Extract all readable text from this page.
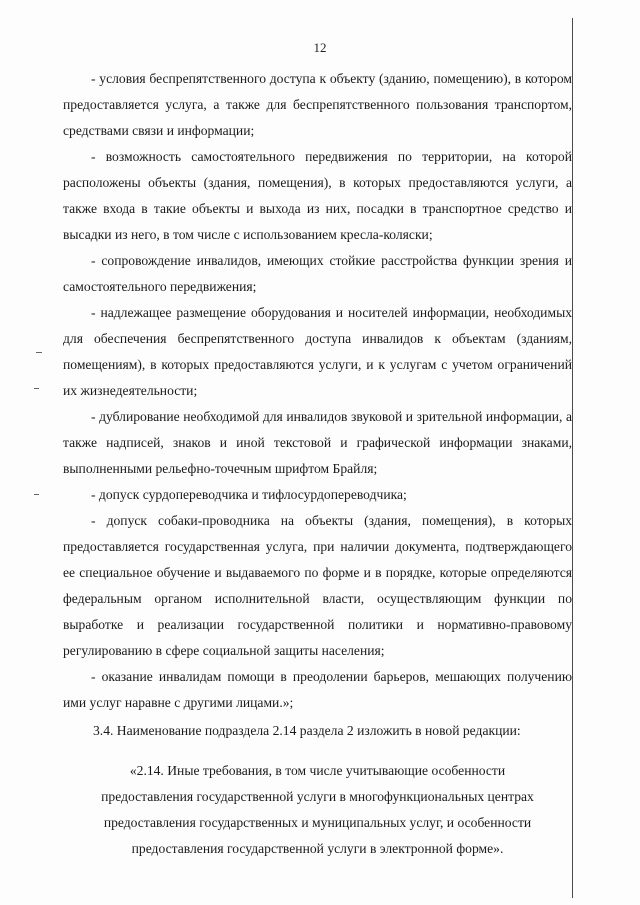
12

- условия беспрепятственного доступа к объекту (зданию, помещению), в котором предоставляется услуга, а также для беспрепятственного пользования транспортом, средствами связи и информации;

- возможность самостоятельного передвижения по территории, на которой расположены объекты (здания, помещения), в которых предоставляются услуги, а также входа в такие объекты и выхода из них, посадки в транспортное средство и высадки из него, в том числе с использованием кресла-коляски;

- сопровождение инвалидов, имеющих стойкие расстройства функции зрения и самостоятельного передвижения;

- надлежащее размещение оборудования и носителей информации, необходимых для обеспечения беспрепятственного доступа инвалидов к объектам (зданиям, помещениям), в которых предоставляются услуги, и к услугам с учетом ограничений их жизнедеятельности;

- дублирование необходимой для инвалидов звуковой и зрительной информации, а также надписей, знаков и иной текстовой и графической информации знаками, выполненными рельефно-точечным шрифтом Брайля;

- допуск сурдопереводчика и тифлосурдопереводчика;

- допуск собаки-проводника на объекты (здания, помещения), в которых предоставляется государственная услуга, при наличии документа, подтверждающего ее специальное обучение и выдаваемого по форме и в порядке, которые определяются федеральным органом исполнительной власти, осуществляющим функции по выработке и реализации государственной политики и нормативно-правовому регулированию в сфере социальной защиты населения;

- оказание инвалидам помощи в преодолении барьеров, мешающих получению ими услуг наравне с другими лицами.»;

3.4. Наименование подраздела 2.14 раздела 2 изложить в новой редакции:

«2.14. Иные требования, в том числе учитывающие особенности
предоставления государственной услуги в многофункциональных центрах
предоставления государственных и муниципальных услуг, и особенности
предоставления государственной услуги в электронной форме».
